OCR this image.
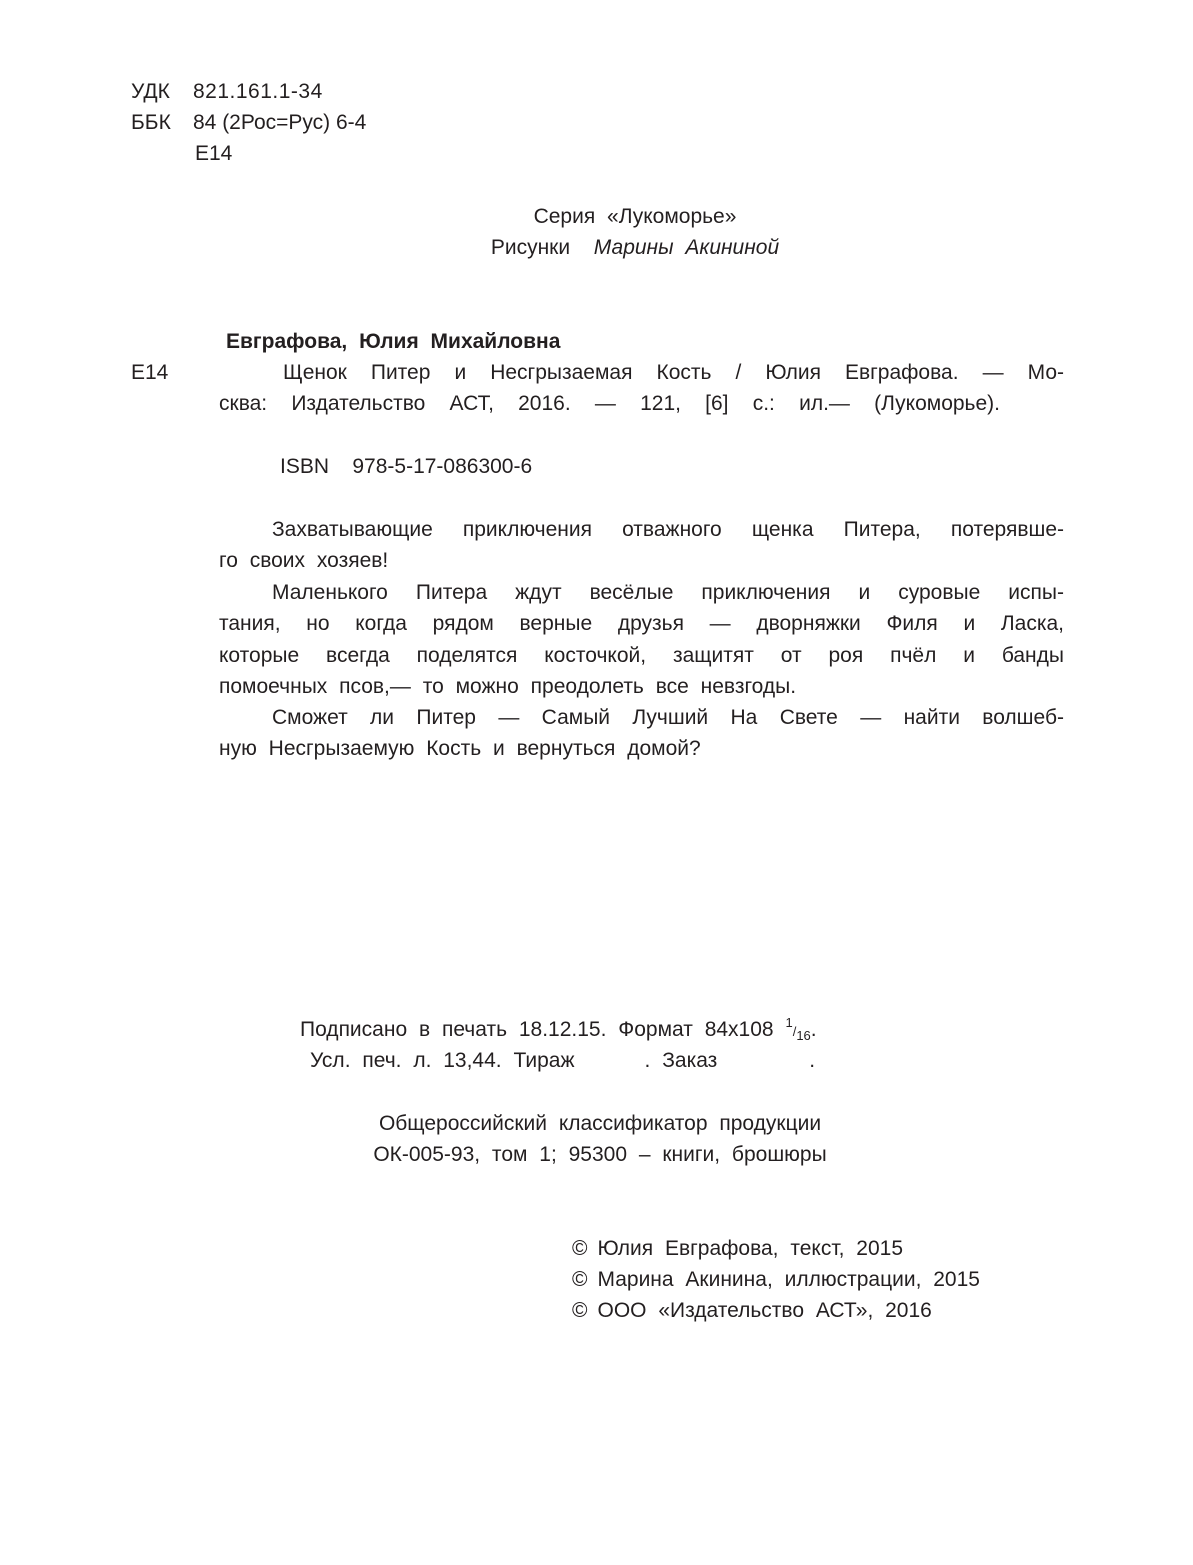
УДК 821.161.1-34
ББК 84 (2Рос=Рус) 6-4
Е14
Серия «Лукоморье»
Рисунки Марины Акининой
Евграфова, Юлия Михайловна
Е14	Щенок Питер и Несгрызаемая Кость / Юлия Евграфова. — Мо-
сква: Издательство АСТ, 2016. — 121, [6] с.: ил.— (Лукоморье).
ISBN 978-5-17-086300-6
Захватывающие приключения отважного щенка Питера, потерявше-
го своих хозяев!
Маленького Питера ждут весёлые приключения и суровые испы-
тания, но когда рядом верные друзья — дворняжки Филя и Ласка,
которые всегда поделятся косточкой, защитят от роя пчёл и банды
помоечных псов,— то можно преодолеть все невзгоды.
Сможет ли Питер — Самый Лучший На Свете — найти волшеб-
ную Несгрызаемую Кость и вернуться домой?
Подписано в печать 18.12.15. Формат 84х108 $^1$/16.
Усл. печ. л. 13,44. Тираж	. Заказ	.
Общероссийский классификатор продукции
ОК-005-93, том 1; 95300 – книги, брошюры
© Юлия Евграфова, текст, 2015
© Марина Акинина, иллюстрации, 2015
© ООО «Издательство АСТ», 2016
